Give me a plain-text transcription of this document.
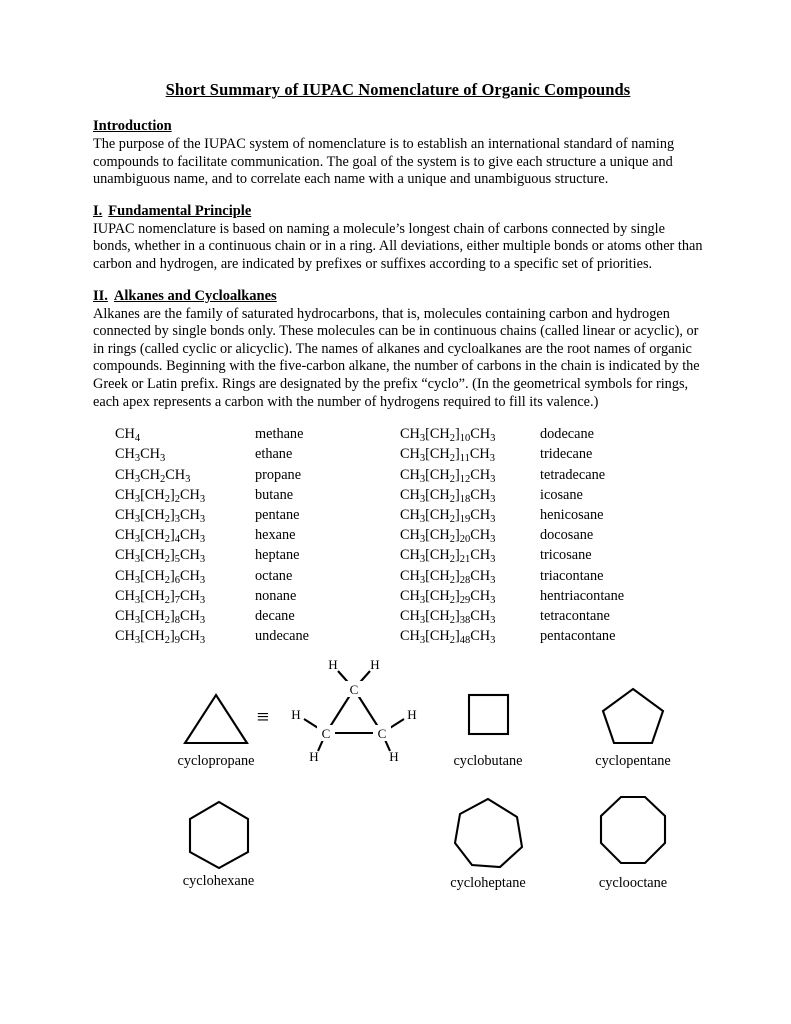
Short Summary of IUPAC Nomenclature of Organic Compounds
Introduction

The purpose of the IUPAC system of nomenclature is to establish an international standard of naming compounds to facilitate communication. The goal of the system is to give each structure a unique and unambiguous name, and to correlate each name with a unique and unambiguous structure.

I. Fundamental Principle

IUPAC nomenclature is based on naming a molecule’s longest chain of carbons connected by single bonds, whether in a continuous chain or in a ring. All deviations, either multiple bonds or atoms other than carbon and hydrogen, are indicated by prefixes or suffixes according to a specific set of priorities.

II. Alkanes and Cycloalkanes

Alkanes are the family of saturated hydrocarbons, that is, molecules containing carbon and hydrogen connected by single bonds only. These molecules can be in continuous chains (called linear or acyclic), or in rings (called cyclic or alicyclic). The names of alkanes and cycloalkanes are the root names of organic compounds. Beginning with the five-carbon alkane, the number of carbons in the chain is indicated by the Greek or Latin prefix. Rings are designated by the prefix “cyclo”. (In the geometrical symbols for rings, each apex represents a carbon with the number of hydrogens required to fill its valence.)

$CH_4$	methane
$CH_3CH_3$	ethane
$CH_3CH_2CH_3$	propane
$CH_3[CH_2]_2CH_3$	butane
$CH_3[CH_2]_3CH_3$	pentane
$CH_3[CH_2]_4CH_3$	hexane
$CH_3[CH_2]_5CH_3$	heptane
$CH_3[CH_2]_6CH_3$	octane
$CH_3[CH_2]_7CH_3$	nonane
$CH_3[CH_2]_8CH_3$	decane
$CH_3[CH_2]_9CH_3$	undecane
$CH_3[CH_2]_{10}CH_3$	dodecane
$CH_3[CH_2]_{11}CH_3$	tridecane
$CH_3[CH_2]_{12}CH_3$	tetradecane
$CH_3[CH_2]_{18}CH_3$	icosane
$CH_3[CH_2]_{19}CH_3$	henicosane
$CH_3[CH_2]_{20}CH_3$	docosane
$CH_3[CH_2]_{21}CH_3$	tricosane
$CH_3[CH_2]_{28}CH_3$	triacontane
$CH_3[CH_2]_{29}CH_3$	hentriacontane
$CH_3[CH_2]_{38}CH_3$	tetracontane
$CH_3[CH_2]_{48}CH_3$	pentacontane
cyclopropane
≡
C
C	C
H	H
H	H
H	H	cyclobutane	cyclopentane
cyclohexane	cycloheptane	cyclooctane
